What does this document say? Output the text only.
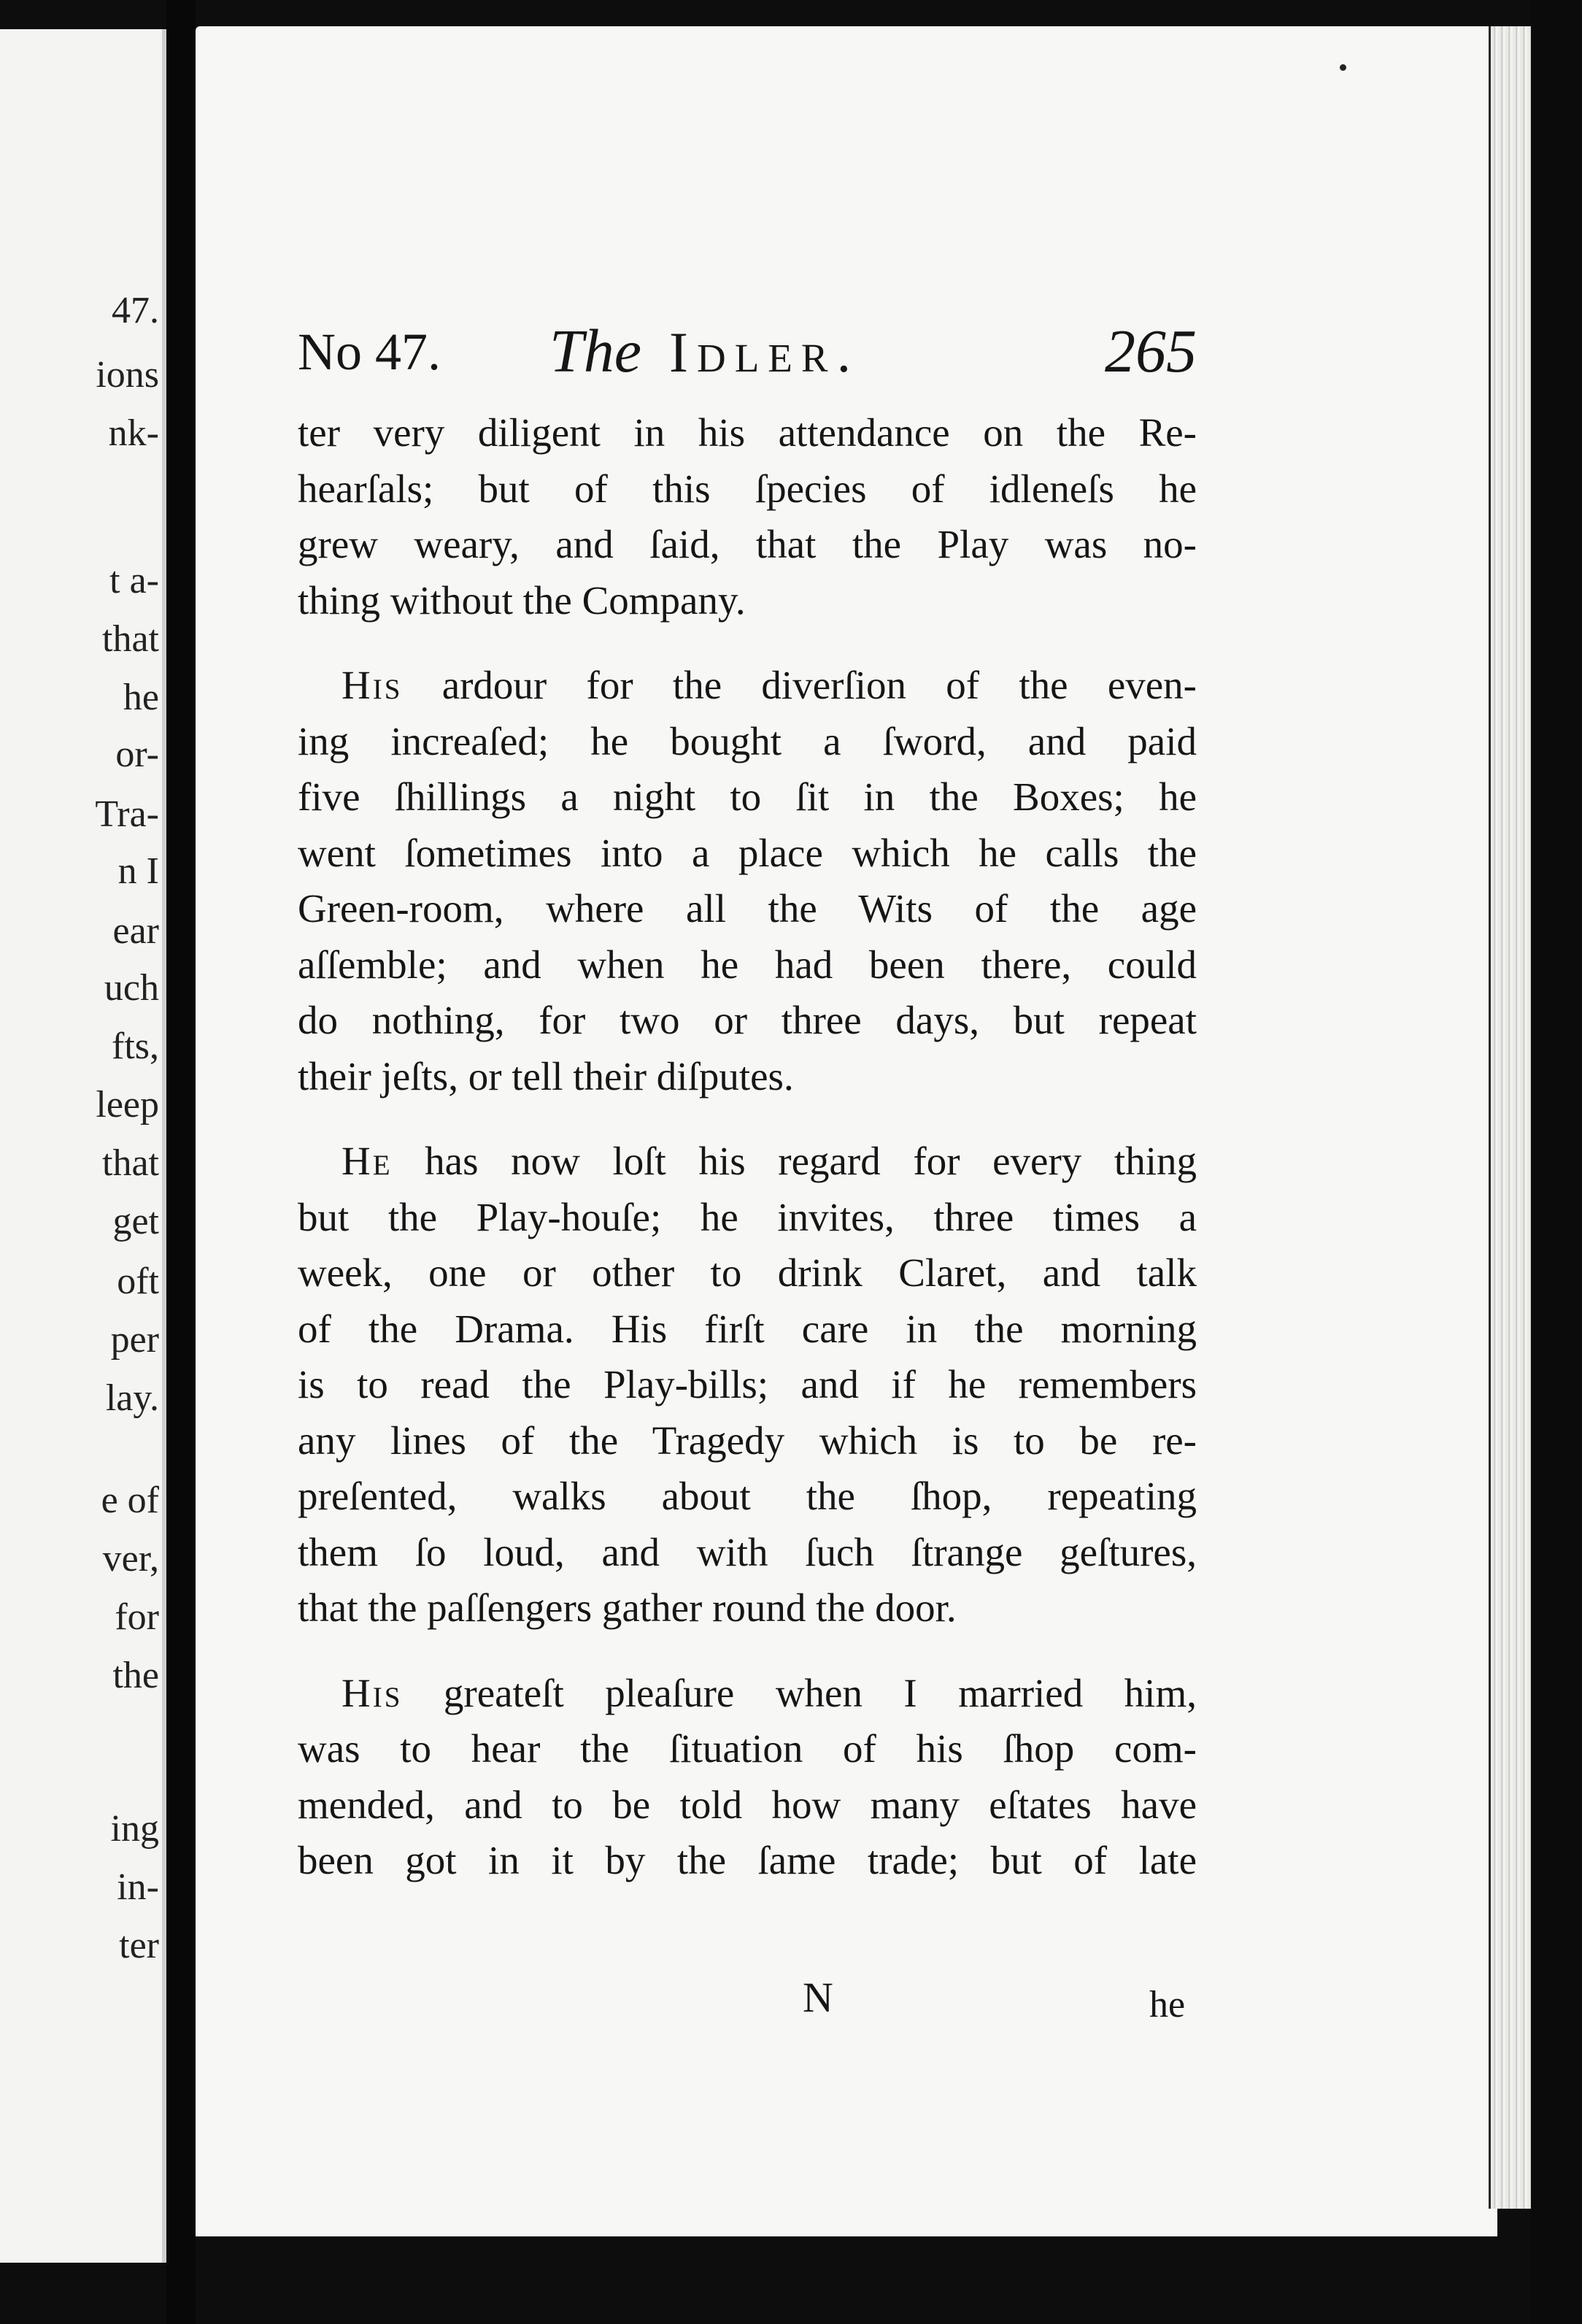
47.
ions
nk-
t a-
that
he
or-
Tra-
n I
ear
uch
fts,
leep
that
get
oft
per
lay.
e of
ver,
for
the
ing
in-
ter
No 47. The Idler.	265
ter very diligent in his attendance on the Re-
hearſals; but of this ſpecies of idleneſs he
grew weary, and ſaid, that the Play was no-
thing without the Company.
His ardour for the diverſion of the even-
ing increaſed; he bought a ſword, and paid
five ſhillings a night to ſit in the Boxes; he
went ſometimes into a place which he calls the
Green-room, where all the Wits of the age
aſſemble; and when he had been there, could
do nothing, for two or three days, but repeat
their jeſts, or tell their diſputes.
He has now loſt his regard for every thing
but the Play-houſe; he invites, three times a
week, one or other to drink Claret, and talk
of the Drama. His firſt care in the morning
is to read the Play-bills; and if he remembers
any lines of the Tragedy which is to be re-
preſented, walks about the ſhop, repeating
them ſo loud, and with ſuch ſtrange geſtures,
that the paſſengers gather round the door.
His greateſt pleaſure when I married him,
was to hear the ſituation of his ſhop com-
mended, and to be told how many eſtates have
been got in it by the ſame trade; but of late
N	he
